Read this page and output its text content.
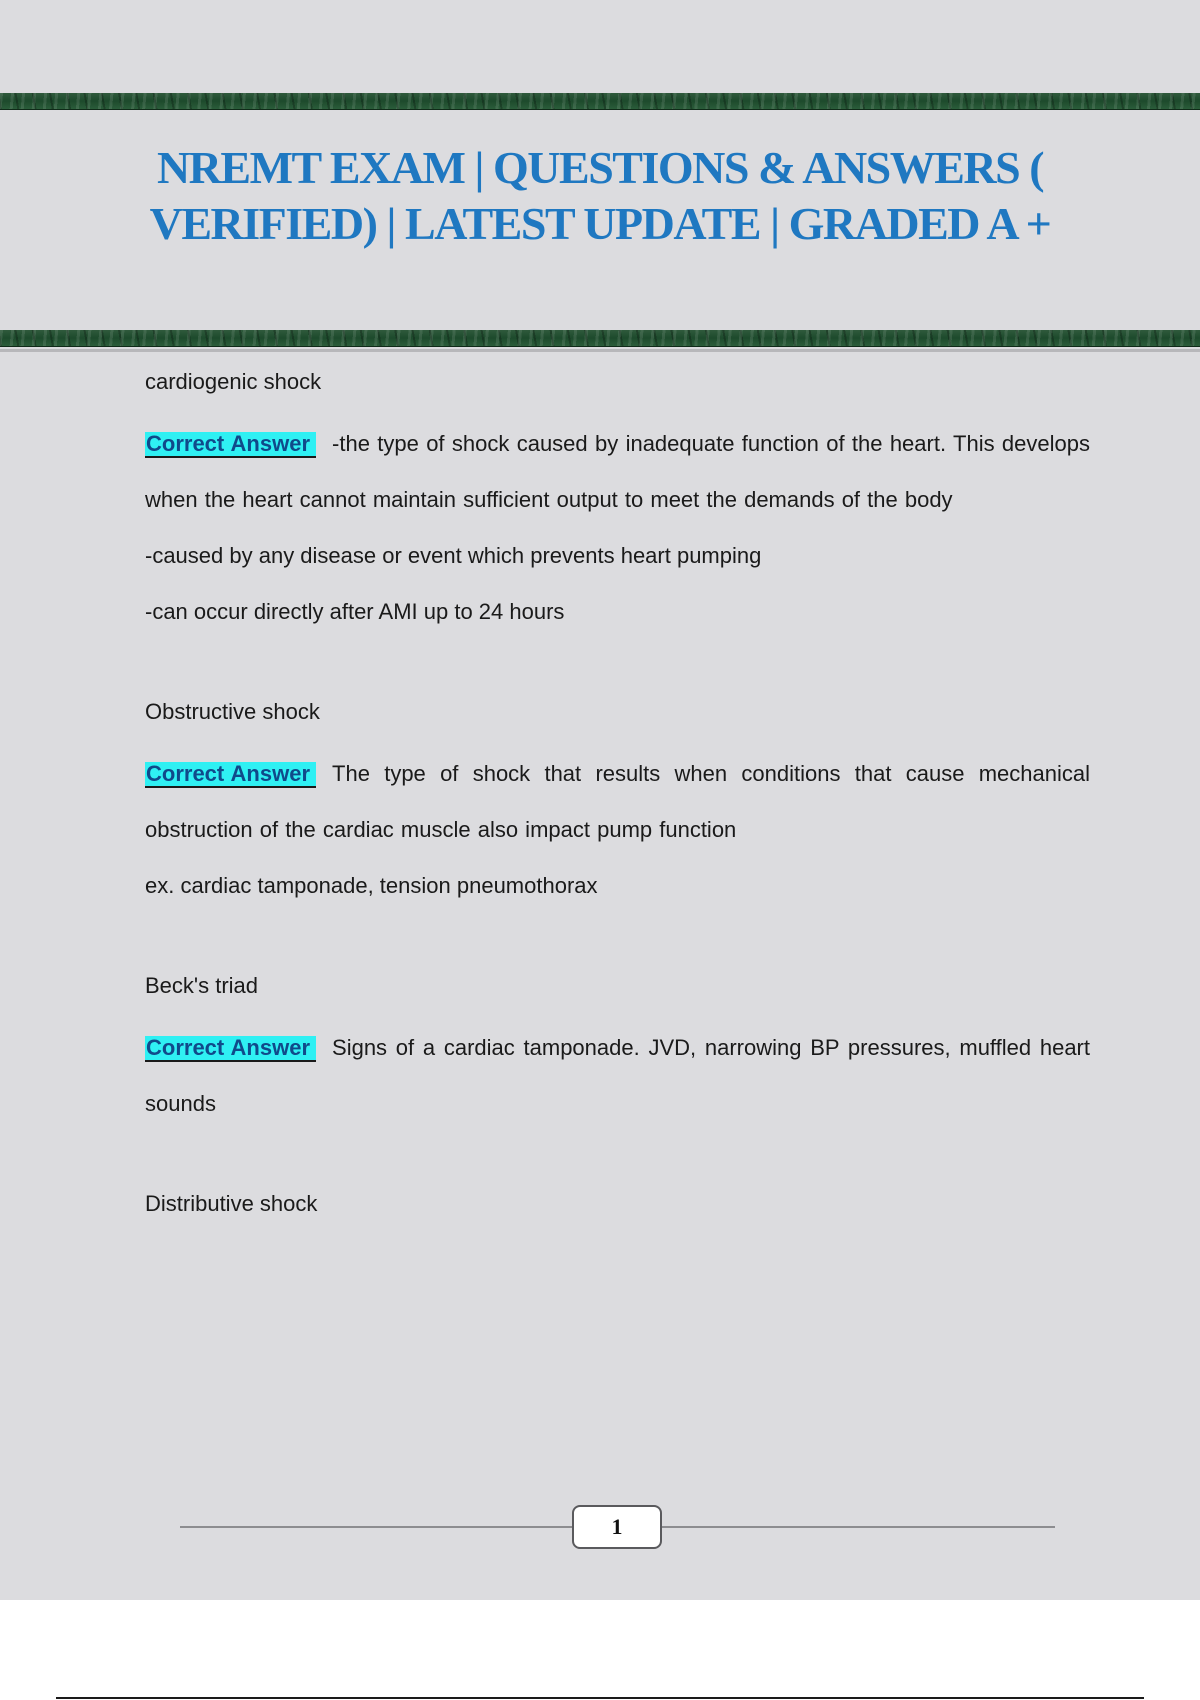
NREMT EXAM | QUESTIONS & ANSWERS ( VERIFIED) | LATEST UPDATE | GRADED A +

cardiogenic shock

Correct Answer -the type of shock caused by inadequate function of the heart. This develops when the heart cannot maintain sufficient output to meet the demands of the body

-caused by any disease or event which prevents heart pumping

-can occur directly after AMI up to 24 hours

Obstructive shock

Correct Answer The type of shock that results when conditions that cause mechanical obstruction of the cardiac muscle also impact pump function

ex. cardiac tamponade, tension pneumothorax

Beck's triad

Correct Answer Signs of a cardiac tamponade. JVD, narrowing BP pressures, muffled heart sounds

Distributive shock

1
